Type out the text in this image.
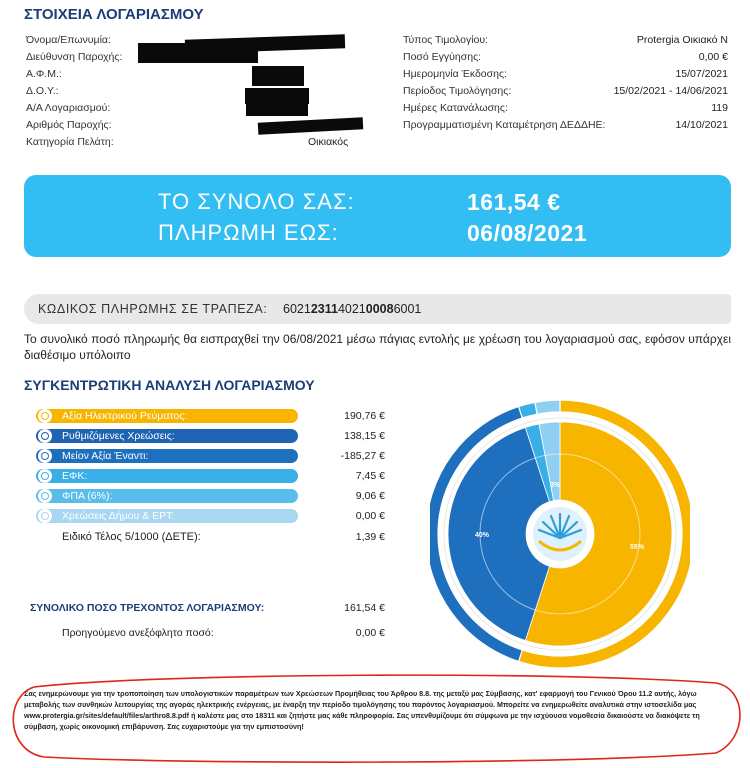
ΣΤΟΙΧΕΙΑ ΛΟΓΑΡΙΑΣΜΟΥ
Όνομα/Επωνυμία:
Διεύθυνση Παροχής:
Α.Φ.Μ.:
Δ.Ο.Υ.:
Α/Α Λογαριασμού:
Αριθμός Παροχής:
Κατηγορία Πελάτη:	Οικιακός
Τύπος Τιμολογίου:	Protergia Οικιακό Ν
Ποσό Εγγύησης:	0,00 €
Ημερομηνία Έκδοσης:	15/07/2021
Περίοδος Τιμολόγησης:	15/02/2021 - 14/06/2021
Ημέρες Κατανάλωσης:	119
Προγραμματισμένη Καταμέτρηση ΔΕΔΔΗΕ:	14/10/2021
ΤΟ ΣΥΝΟΛΟ ΣΑΣ:	161,54 €
ΠΛΗΡΩΜΗ ΕΩΣ:	06/08/2021
ΚΩΔΙΚΟΣ ΠΛΗΡΩΜΗΣ ΣΕ ΤΡΑΠΕΖΑ: 60212311402100086001
Το συνολικό ποσό πληρωμής θα εισπραχθεί την 06/08/2021 μέσω πάγιας εντολής με χρέωση του λογαριασμού σας, εφόσον υπάρχει διαθέσιμο υπόλοιπο
ΣΥΓΚΕΝΤΡΩΤΙΚΗ ΑΝΑΛΥΣΗ ΛΟΓΑΡΙΑΣΜΟΥ
Αξία Ηλεκτρικού Ρεύματος:	190,76 €
Ρυθμιζόμενες Χρεώσεις:	138,15 €
Μείον Αξία Έναντι:	-185,27 €
ΕΦΚ:	7,45 €
ΦΠΑ (6%):	9,06 €
Χρεώσεις Δήμου & ΕΡΤ:	0,00 €
Ειδικό Τέλος 5/1000 (ΔΕΤΕ):	1,39 €
ΣΥΝΟΛΙΚΟ ΠΟΣΟ ΤΡΕΧΟΝΤΟΣ ΛΟΓΑΡΙΑΣΜΟΥ:	161,54 €
Προηγούμενο ανεξόφλητο ποσό:	0,00 €
55%
40%
3%
Σας ενημερώνουμε για την τροποποίηση των υπολογιστικών παραμέτρων των Χρεώσεων Προμήθειας του Άρθρου 8.8. της μεταξύ μας Σύμβασης, κατ' εφαρμογή του Γενικού Όρου 11.2 αυτής, λόγω μεταβολής των συνθηκών λειτουργίας της αγοράς ηλεκτρικής ενέργειας, με έναρξη την περίοδο τιμολόγησης του παρόντος λογαριασμού. Μπορείτε να ενημερωθείτε αναλυτικά στην ιστοσελίδα μας www.protergia.gr/sites/default/files/arthro8.8.pdf ή καλέστε μας στο 18311 και ζητήστε μας κάθε πληροφορία. Σας υπενθυμίζουμε ότι σύμφωνα με την ισχύουσα νομοθεσία δικαιούστε να διακόψετε τη σύμβαση, χωρίς οικονομική επιβάρυνση. Σας ευχαριστούμε για την εμπιστοσύνη!
